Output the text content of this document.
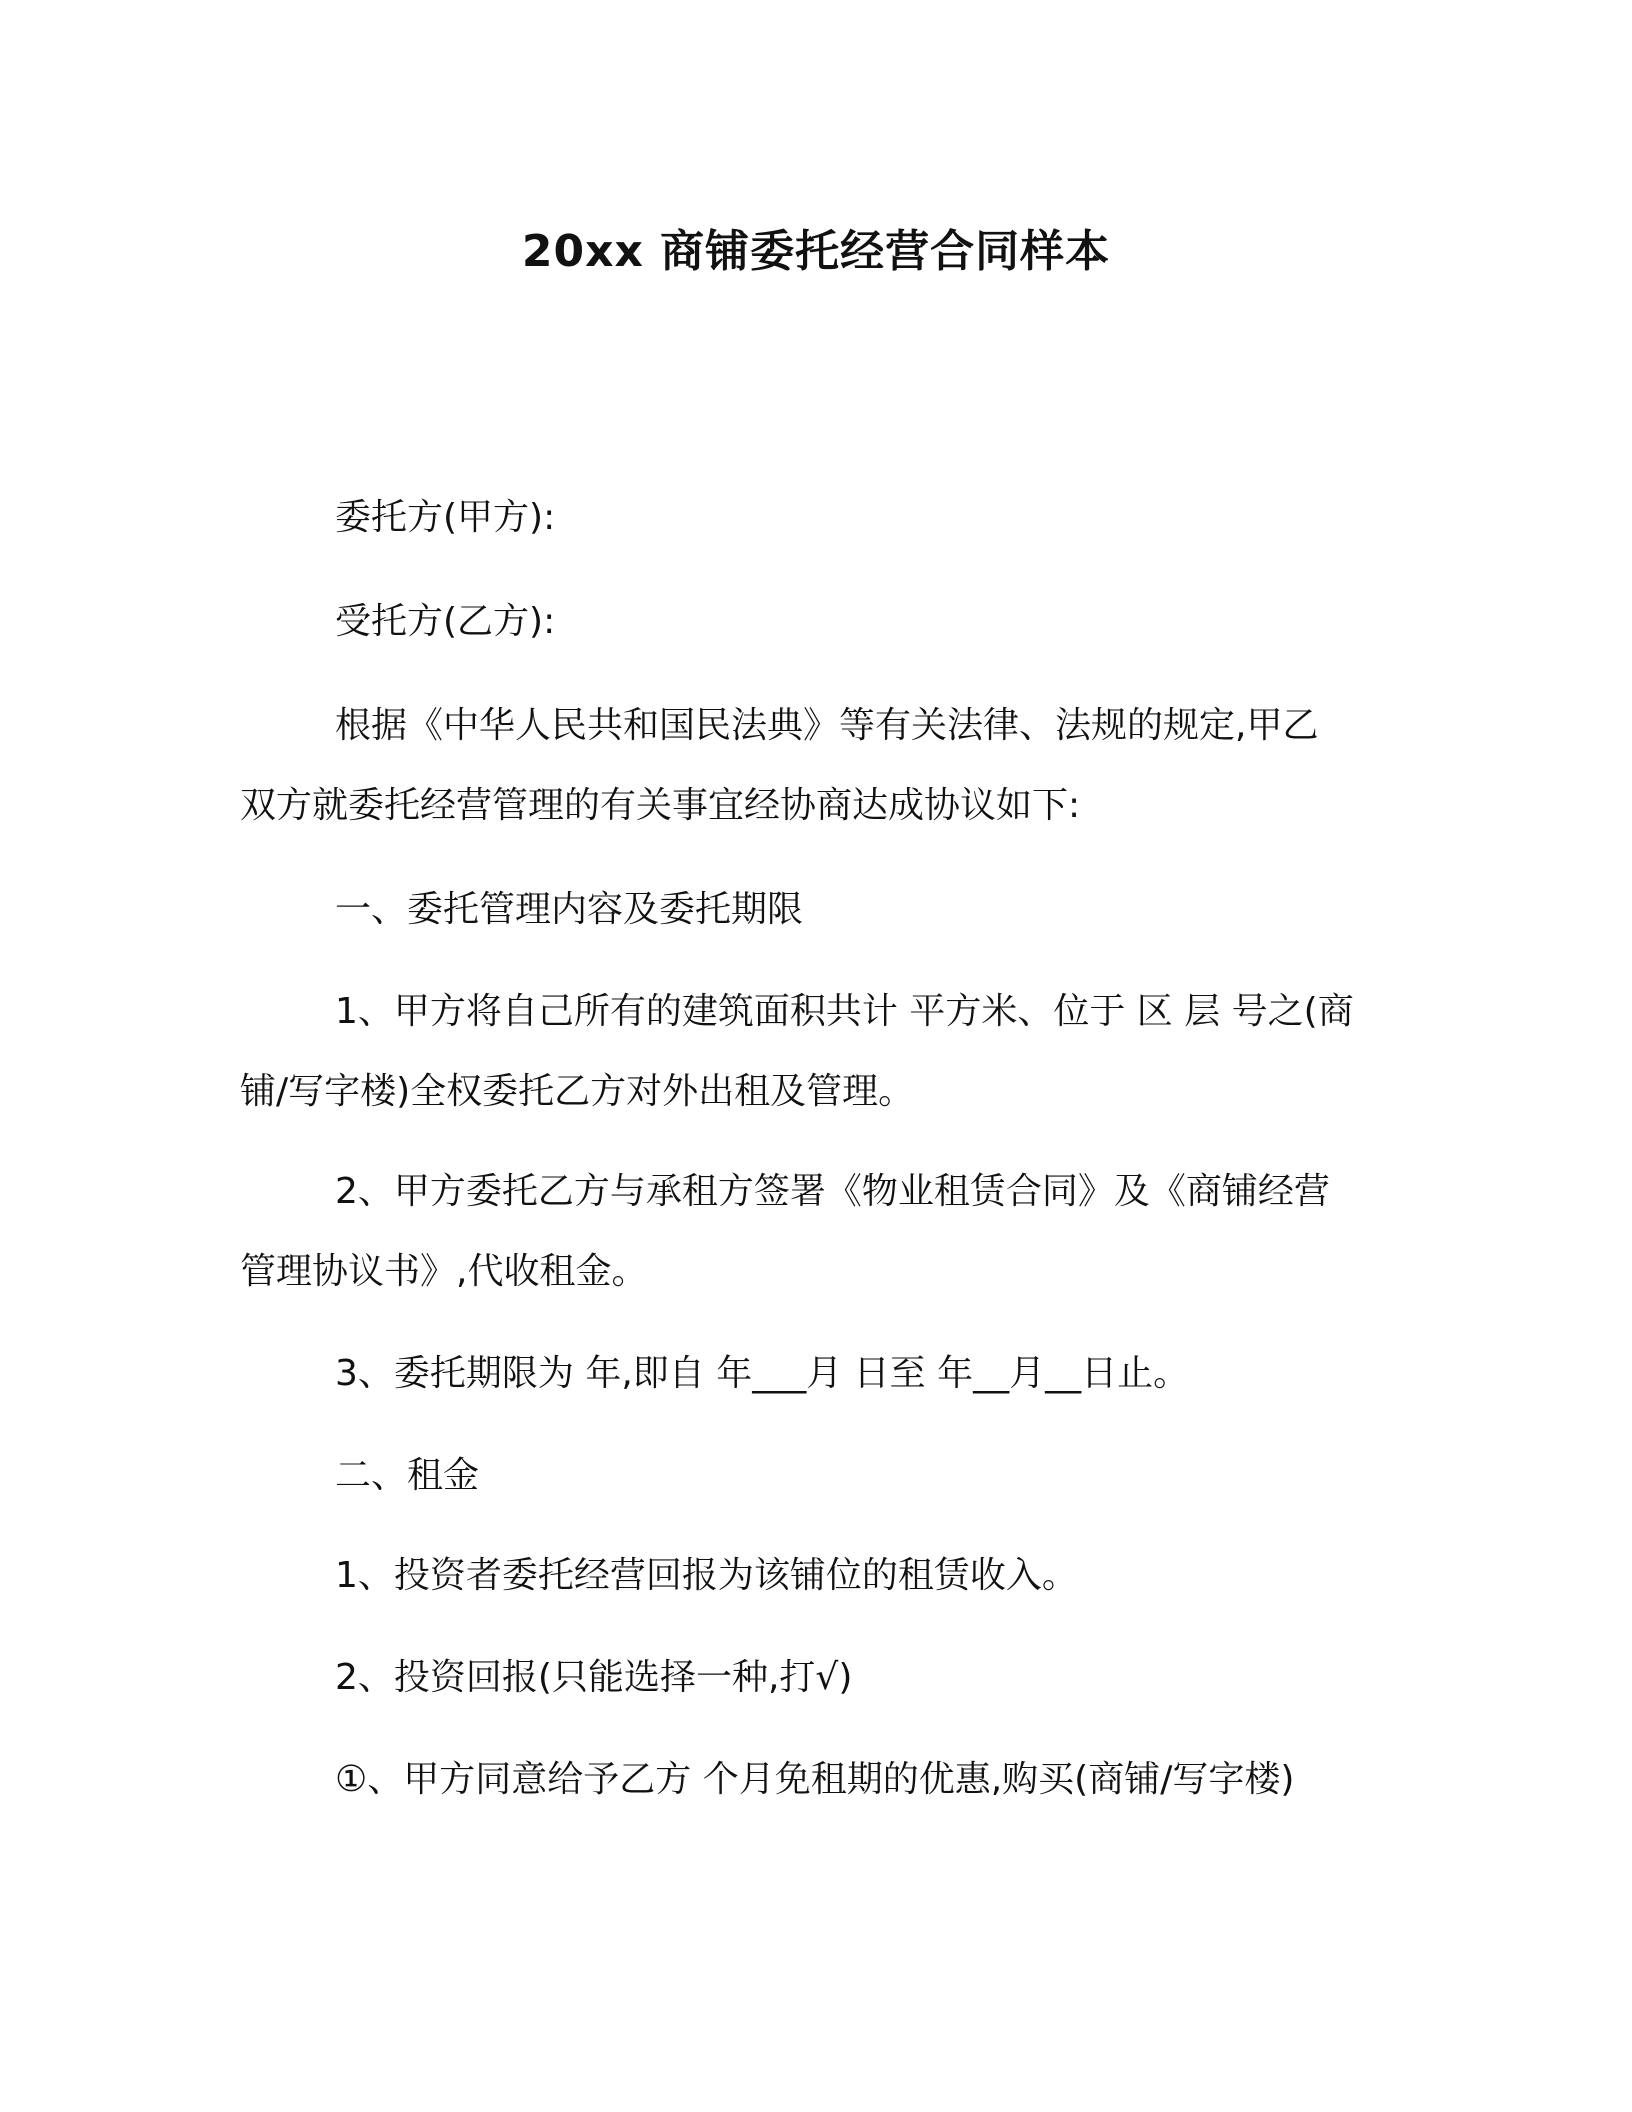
20xx 商铺委托经营合同样本
委托方(甲方):
受托方(乙方):
根据《中华人民共和国民法典》等有关法律、法规的规定,甲乙
双方就委托经营管理的有关事宜经协商达成协议如下:
一、委托管理内容及委托期限
1、甲方将自己所有的建筑面积共计 平方米、位于 区 层 号之(商
铺/写字楼)全权委托乙方对外出租及管理。
2、甲方委托乙方与承租方签署《物业租赁合同》及《商铺经营
管理协议书》,代收租金。
3、委托期限为 年,即自 年___月 日至 年__月__日止。
二、租金
1、投资者委托经营回报为该铺位的租赁收入。
2、投资回报(只能选择一种,打√)
①、甲方同意给予乙方 个月免租期的优惠,购买(商铺/写字楼)
